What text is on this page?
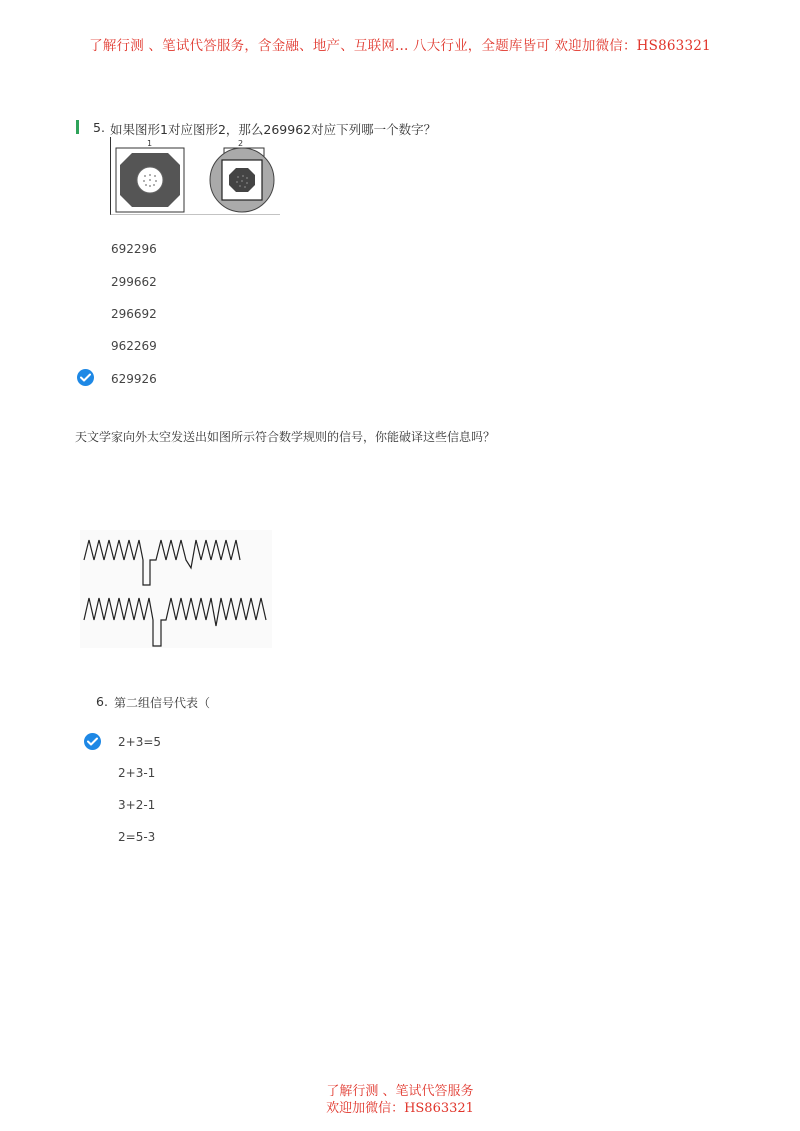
了解行测 、笔试代答服务，含金融、地产、互联网... 八大行业，全题库皆可 欢迎加微信：HS863321
5. 如果图形1对应图形2，那么269962对应下列哪一个数字？
1	2
692296
299662
296692
962269
629926
天文学家向外太空发送出如图所示符合数学规则的信号，你能破译这些信息吗？
6. 第二组信号代表（
2+3=5
2+3-1
3+2-1
2=5-3
了解行测 、笔试代答服务
欢迎加微信：HS863321
